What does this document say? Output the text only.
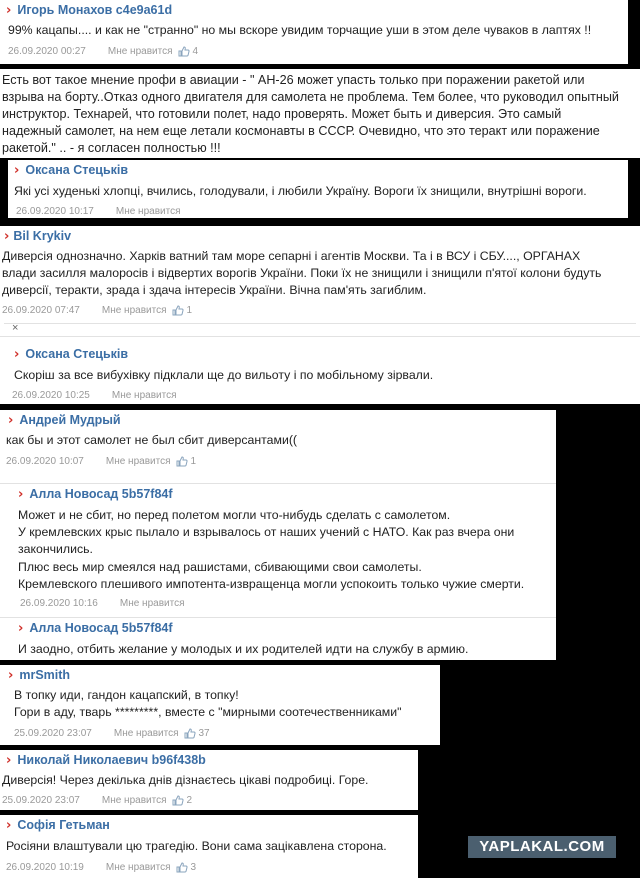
› Игорь Монахов c4e9a61d
99% кацапы.... и как не "странно" но мы вскоре увидим торчащие уши в этом деле чуваков в лаптях !!
26.09.2020 00:27 Мне нравится 4
Есть вот такое мнение профи в авиации - " АН-26 может упасть только при поражении ракетой или
взрыва на борту..Отказ одного двигателя для самолета не проблема. Тем более, что руководил опытный
инструктор. Технарей, что готовили полет, надо проверять. Может быть и диверсия. Это самый
надежный самолет, на нем еще летали космонавты в СССР. Очевидно, что это теракт или поражение
ракетой." .. - я согласен полностью !!!
› Оксана Стецьків
Які усі худенькі хлопці, вчились, голодували, і любили Україну. Вороги їх знищили, внутрішні вороги.
26.09.2020 10:17 Мне нравится
› Bil Krykiv
Диверсія однозначно. Харків ватний там море сепарні і агентів Москви. Та і в ВСУ і СБУ...., ОРГАНАХ
влади засилля малоросів і відвертих ворогів України. Поки їх не знищили і знищили п'ятої колони будуть
диверсії, теракти, зрада і здача інтересів України. Вічна пам'ять загиблим.
26.09.2020 07:47 Мне нравится 1
×
› Оксана Стецьків
Скоріш за все вибухівку підклали ще до вильоту і по мобільному зірвали.
26.09.2020 10:25 Мне нравится
› Андрей Мудрый
как бы и этот самолет не был сбит диверсантами((
26.09.2020 10:07 Мне нравится 1
› Алла Новосад 5b57f84f
Может и не сбит, но перед полетом могли что-нибудь сделать с самолетом.
У кремлевских крыс пылало и взрывалось от наших учений с НАТО. Как раз вчера они
закончились.
Плюс весь мир смеялся над рашистами, сбивающими свои самолеты.
Кремлевского плешивого импотента-извращенца могли успокоить только чужие смерти.
26.09.2020 10:16 Мне нравится
› Алла Новосад 5b57f84f
И заодно, отбить желание у молодых и их родителей идти на службу в армию.
› mrSmith
В топку иди, гандон кацапский, в топку!
Гори в аду, тварь *********, вместе с "мирными соотечественниками"
25.09.2020 23:07 Мне нравится 37
› Николай Николаевич b96f438b
Диверсія! Через декілька днів дізнаєтесь цікаві подробиці. Горе.
25.09.2020 23:07 Мне нравится 2
› Софія Гетьман
Росіяни влаштували цю трагедію. Вони сама зацікавлена сторона.
26.09.2020 10:19 Мне нравится 3
YAPLAKAL.COM
